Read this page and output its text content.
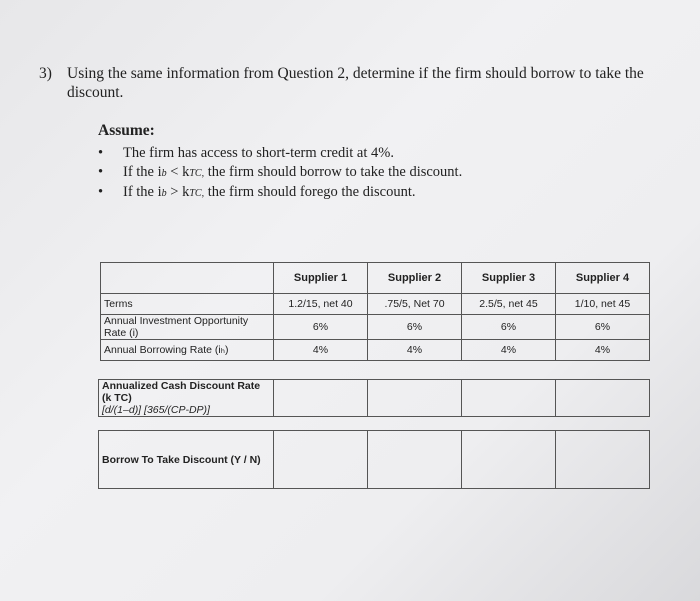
3) Using the same information from Question 2, determine if the firm should borrow to take the discount.
Assume:
•	The firm has access to short-term credit at 4%.
•	If the ib < kTC, the firm should borrow to take the discount.
•	If the ib > kTC, the firm should forego the discount.
	Supplier 1	Supplier 2	Supplier 3	Supplier 4
Terms	1.2/15, net 40	.75/5, Net 70	2.5/5, net 45	1/10, net 45
Annual Investment Opportunity Rate (i)	6%	6%	6%	6%
Annual Borrowing Rate (iₕ)	4%	4%	4%	4%
Annualized Cash Discount Rate (k TC)
[d/(1–d)] [365/(CP-DP)]

Borrow To Take Discount (Y / N)				
